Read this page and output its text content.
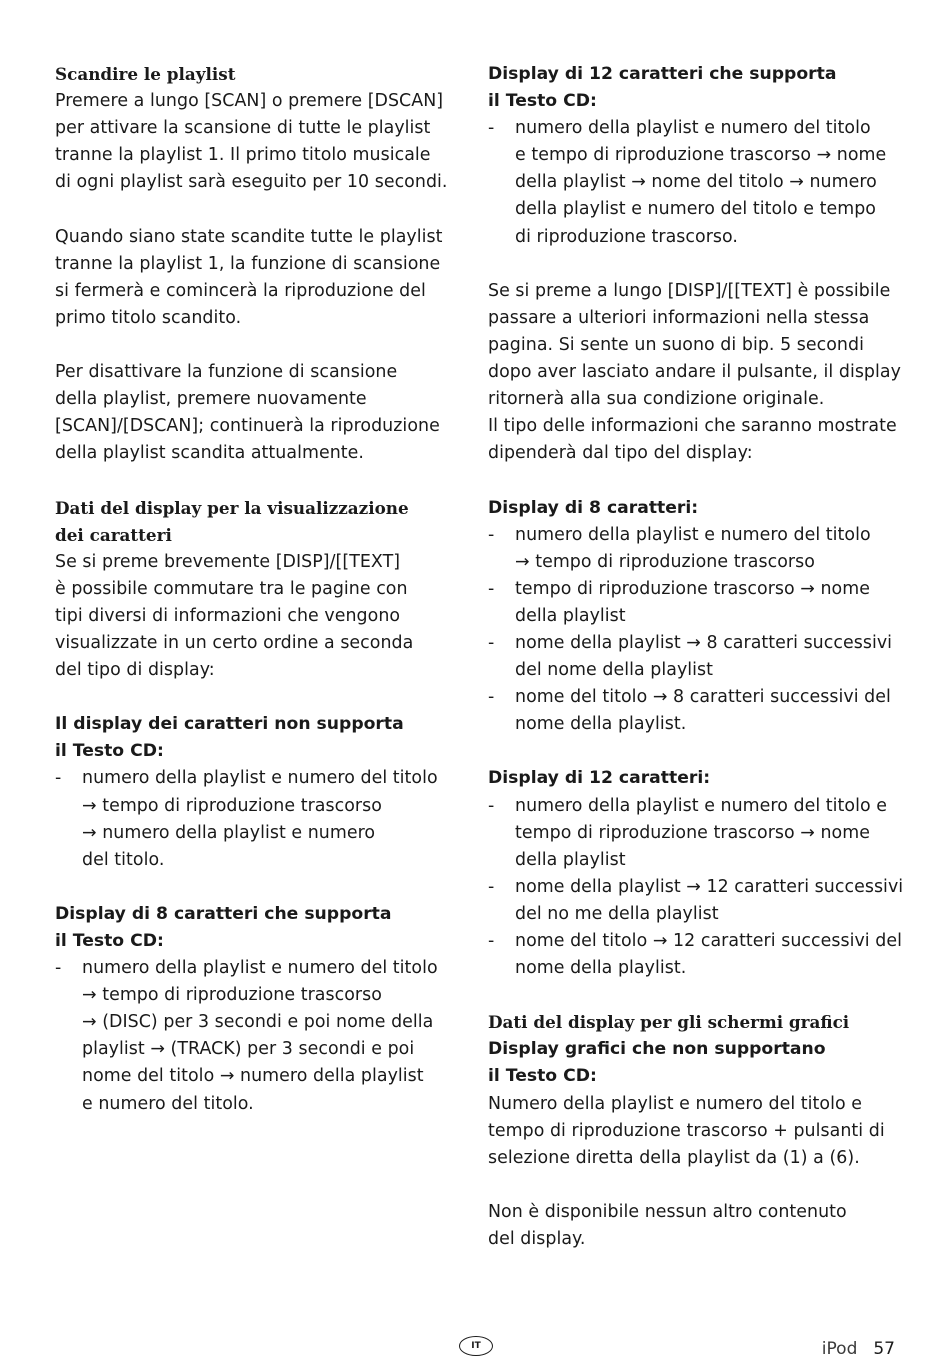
Scandire le playlist

Premere a lungo [SCAN] o premere [DSCAN]
per attivare la scansione di tutte le playlist
tranne la playlist 1. Il primo titolo musicale
di ogni playlist sarà eseguito per 10 secondi.

Quando siano state scandite tutte le playlist
tranne la playlist 1, la funzione di scansione
si fermerà e comincerà la riproduzione del
primo titolo scandito.

Per disattivare la funzione di scansione
della playlist, premere nuovamente
[SCAN]/[DSCAN]; continuerà la riproduzione
della playlist scandita attualmente.

Dati del display per la visualizzazione
dei caratteri

Se si preme brevemente [DISP]/[[TEXT]
è possibile commutare tra le pagine con
tipi diversi di informazioni che vengono
visualizzate in un certo ordine a seconda
del tipo di display:

Il display dei caratteri non supporta
il Testo CD:
- numero della playlist e numero del titolo
→ tempo di riproduzione trascorso
→ numero della playlist e numero
del titolo.
Display di 8 caratteri che supporta
il Testo CD:
- numero della playlist e numero del titolo
→ tempo di riproduzione trascorso
→ (DISC) per 3 secondi e poi nome della
playlist → (TRACK) per 3 secondi e poi
nome del titolo → numero della playlist
e numero del titolo.
Display di 12 caratteri che supporta
il Testo CD:
- numero della playlist e numero del titolo
e tempo di riproduzione trascorso → nome
della playlist → nome del titolo → numero
della playlist e numero del titolo e tempo
di riproduzione trascorso.

Se si preme a lungo [DISP]/[[TEXT] è possibile
passare a ulteriori informazioni nella stessa
pagina. Si sente un suono di bip. 5 secondi
dopo aver lasciato andare il pulsante, il display
ritornerà alla sua condizione originale.
Il tipo delle informazioni che saranno mostrate
dipenderà dal tipo del display:

Display di 8 caratteri:
- numero della playlist e numero del titolo
→ tempo di riproduzione trascorso
- tempo di riproduzione trascorso → nome
della playlist
- nome della playlist → 8 caratteri successivi
del nome della playlist
- nome del titolo → 8 caratteri successivi del
nome della playlist.
Display di 12 caratteri:
- numero della playlist e numero del titolo e
tempo di riproduzione trascorso → nome
della playlist
- nome della playlist → 12 caratteri successivi
del no me della playlist
- nome del titolo → 12 caratteri successivi del
nome della playlist.
Dati del display per gli schermi grafici
Display grafici che non supportano
il Testo CD:

Numero della playlist e numero del titolo e
tempo di riproduzione trascorso + pulsanti di
selezione diretta della playlist da (1) a (6).

Non è disponibile nessun altro contenuto
del display.

IT	iPod 57
